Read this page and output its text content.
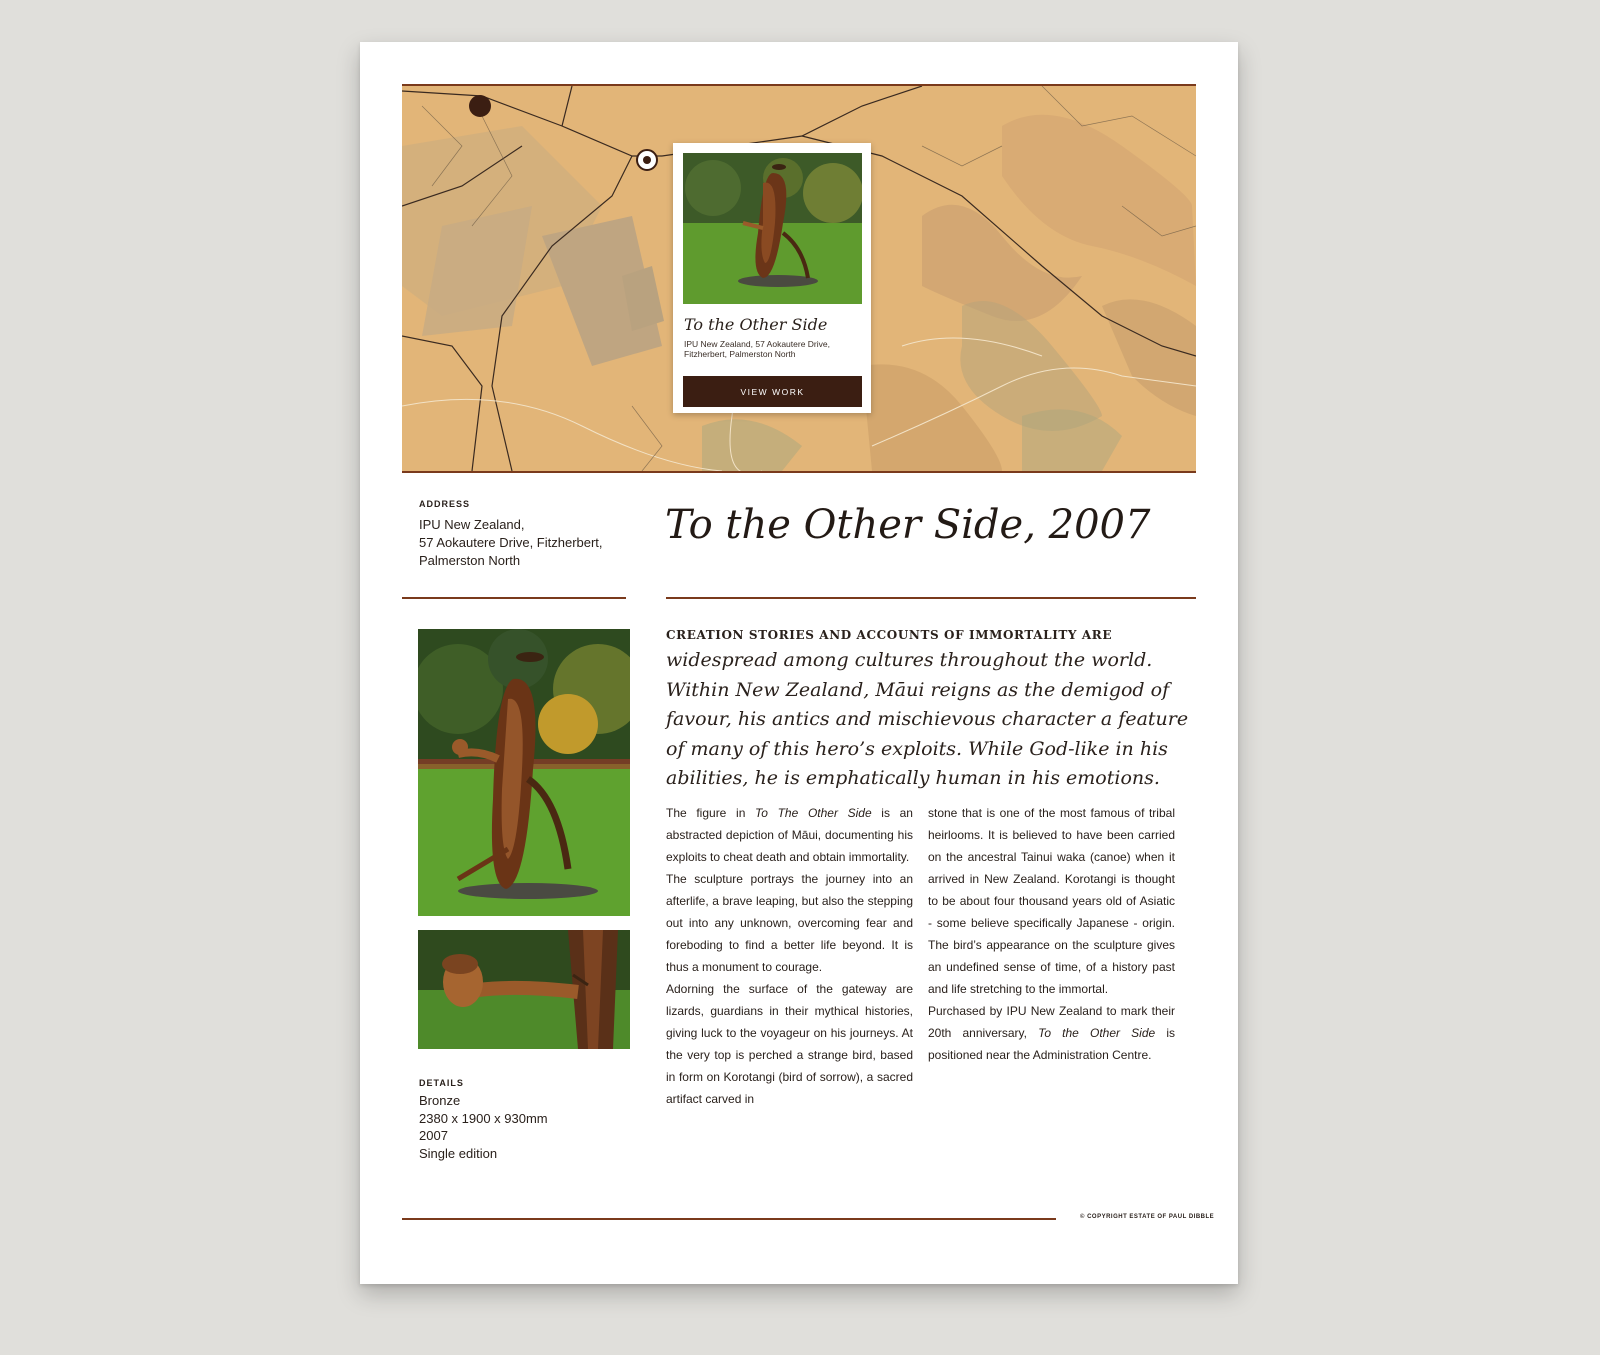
To the Other Side
IPU New Zealand, 57 Aokautere Drive,
Fitzherbert, Palmerston North
VIEW WORK
ADDRESS
IPU New Zealand,
57 Aokautere Drive, Fitzherbert,
Palmerston North
To the Other Side, 2007
DETAILS
Bronze
2380 x 1900 x 930mm
2007
Single edition
CREATION STORIES AND ACCOUNTS OF IMMORTALITY ARE
widespread among cultures throughout the world.
Within New Zealand, Māui reigns as the demigod of
favour, his antics and mischievous character a feature
of many of this hero’s exploits. While God-like in his
abilities, he is emphatically human in his emotions.

The figure in To The Other Side is an abstracted depiction of Māui, documenting his exploits to cheat death and obtain immortality.

The sculpture portrays the journey into an afterlife, a brave leaping, but also the stepping out into any unknown, overcoming fear and foreboding to find a better life beyond. It is thus a monument to courage.

Adorning the surface of the gateway are lizards, guardians in their mythical histories, giving luck to the voyageur on his journeys. At the very top is perched a strange bird, based in form on Korotangi (bird of sorrow), a sacred artifact carved in

stone that is one of the most famous of tribal heirlooms. It is believed to have been carried on the ancestral Tainui waka (canoe) when it arrived in New Zealand. Korotangi is thought to be about four thousand years old of Asiatic - some believe specifically Japanese - origin. The bird’s appearance on the sculpture gives an undefined sense of time, of a history past and life stretching to the immortal.

Purchased by IPU New Zealand to mark their 20th anniversary, To the Other Side is positioned near the Administration Centre.

© COPYRIGHT ESTATE OF PAUL DIBBLE
